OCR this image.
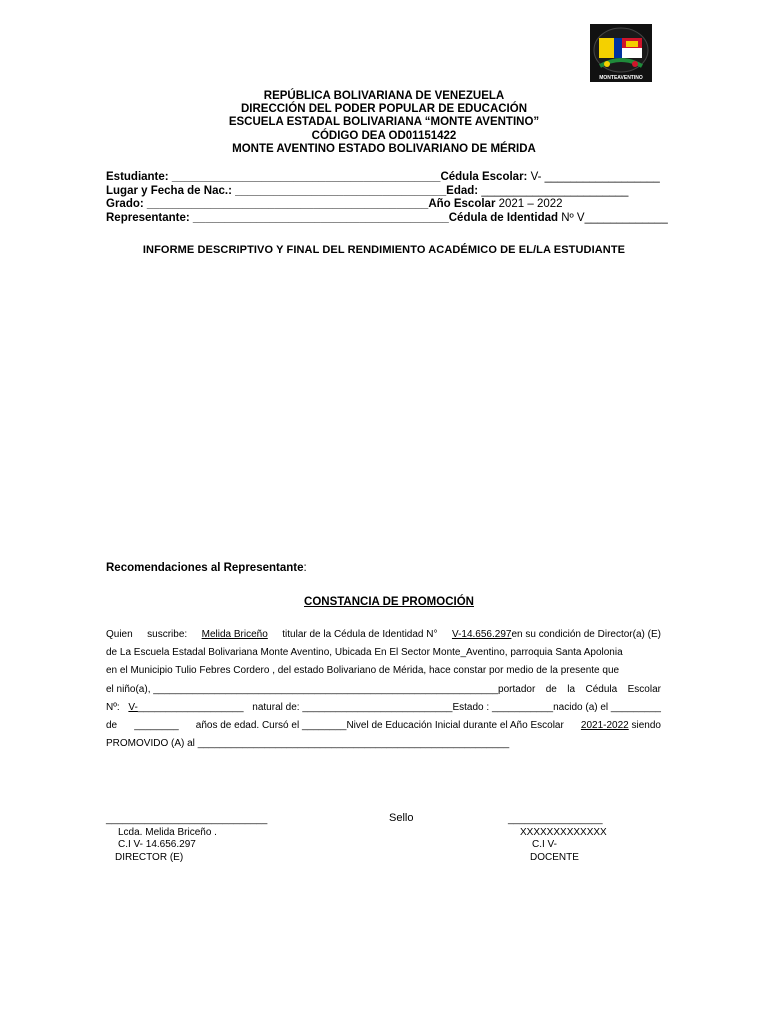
MONTEAVENTINO
REPÚBLICA BOLIVARIANA DE VENEZUELA
DIRECCIÓN DEL PODER POPULAR DE EDUCACIÓN
ESCUELA ESTADAL BOLIVARIANA “MONTE AVENTINO”
CÓDIGO DEA OD01151422
MONTE AVENTINO ESTADO BOLIVARIANO DE MÉRIDA
Estudiante: __________________________________________Cédula Escolar: V- __________________
Lugar y Fecha de Nac.: _________________________________Edad: _______________________
Grado: ____________________________________________Año Escolar 2021 – 2022
Representante: ________________________________________Cédula de Identidad Nº V_____________
INFORME DESCRIPTIVO Y FINAL DEL RENDIMIENTO ACADÉMICO DE EL/LA ESTUDIANTE
Recomendaciones al Representante:
CONSTANCIA DE PROMOCIÓN
Quien suscribe: Melida Briceño titular de la Cédula de Identidad N° V-14.656.297en su condición de Director(a) (E)
de La Escuela Estadal Bolivariana Monte Aventino, Ubicada En El Sector Monte_Aventino, parroquia Santa Apolonia
en el Municipio Tulio Febres Cordero , del estado Bolivariano de Mérida, hace constar por medio de la presente que
el niño(a), ______________________________________________________________portador de la Cédula Escolar
Nº: V-___________________ natural de: ___________________________Estado : ___________nacido (a) el _________
de ________ años de edad. Cursó el ________Nivel de Educación Inicial durante el Año Escolar 2021-2022 siendo
PROMOVIDO (A) al
________________________________________________________
Sello
_____________________________
Lcda. Melida Briceño .
C.I V- 14.656.297
DIRECTOR (E)
_________________
XXXXXXXXXXXXX
C.I V-
DOCENTE
